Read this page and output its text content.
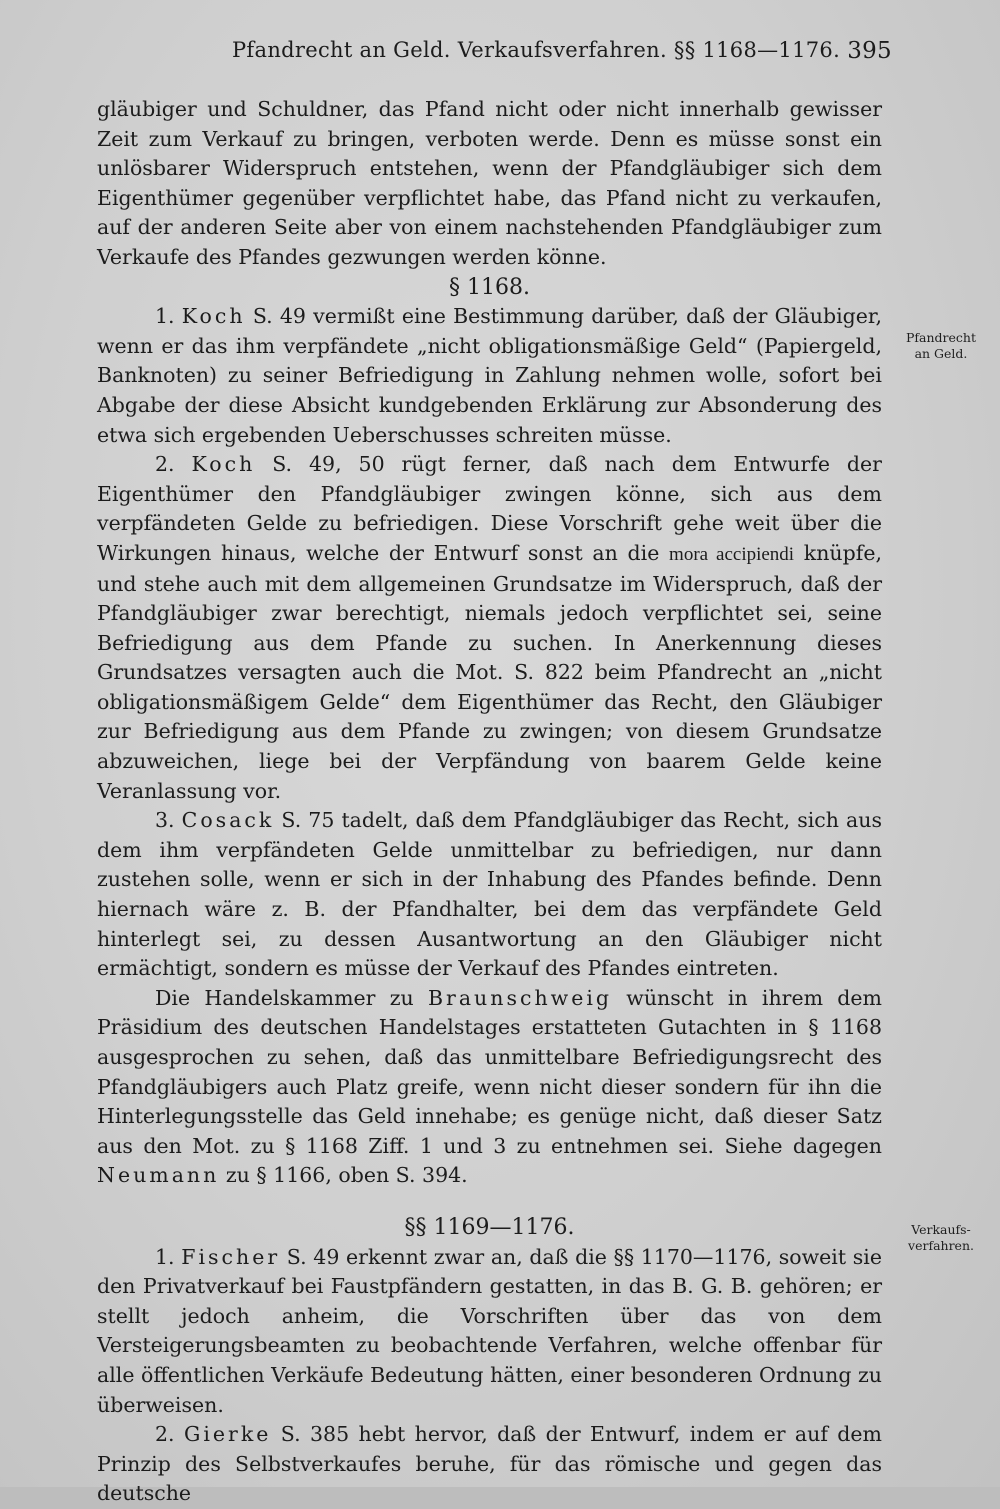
Pfandrecht an Geld. Verkaufsverfahren. §§ 1168—1176. 395
Pfandrecht an Geld.
Verkaufs-verfahren.

gläubiger und Schuldner, das Pfand nicht oder nicht innerhalb gewisser Zeit zum Verkauf zu bringen, verboten werde. Denn es müsse sonst ein unlösbarer Widerspruch entstehen, wenn der Pfandgläubiger sich dem Eigenthümer gegenüber verpflichtet habe, das Pfand nicht zu verkaufen, auf der anderen Seite aber von einem nachstehenden Pfandgläubiger zum Verkaufe des Pfandes gezwungen werden könne.

§ 1168.

1. Koch S. 49 vermißt eine Bestimmung darüber, daß der Gläubiger, wenn er das ihm verpfändete „nicht obligationsmäßige Geld“ (Papiergeld, Banknoten) zu seiner Befriedigung in Zahlung nehmen wolle, sofort bei Abgabe der diese Absicht kundgebenden Erklärung zur Absonderung des etwa sich ergebenden Ueberschusses schreiten müsse.

2. Koch S. 49, 50 rügt ferner, daß nach dem Entwurfe der Eigenthümer den Pfandgläubiger zwingen könne, sich aus dem verpfändeten Gelde zu befriedigen. Diese Vorschrift gehe weit über die Wirkungen hinaus, welche der Entwurf sonst an die mora accipiendi knüpfe, und stehe auch mit dem allgemeinen Grundsatze im Widerspruch, daß der Pfandgläubiger zwar berechtigt, niemals jedoch verpflichtet sei, seine Befriedigung aus dem Pfande zu suchen. In Anerkennung dieses Grundsatzes versagten auch die Mot. S. 822 beim Pfandrecht an „nicht obligationsmäßigem Gelde“ dem Eigenthümer das Recht, den Gläubiger zur Befriedigung aus dem Pfande zu zwingen; von diesem Grundsatze abzuweichen, liege bei der Verpfändung von baarem Gelde keine Veranlassung vor.

3. Cosack S. 75 tadelt, daß dem Pfandgläubiger das Recht, sich aus dem ihm verpfändeten Gelde unmittelbar zu befriedigen, nur dann zustehen solle, wenn er sich in der Inhabung des Pfandes befinde. Denn hiernach wäre z. B. der Pfandhalter, bei dem das verpfändete Geld hinterlegt sei, zu dessen Ausantwortung an den Gläubiger nicht ermächtigt, sondern es müsse der Verkauf des Pfandes eintreten.

Die Handelskammer zu Braunschweig wünscht in ihrem dem Präsidium des deutschen Handelstages erstatteten Gutachten in § 1168 ausgesprochen zu sehen, daß das unmittelbare Befriedigungsrecht des Pfandgläubigers auch Platz greife, wenn nicht dieser sondern für ihn die Hinterlegungsstelle das Geld innehabe; es genüge nicht, daß dieser Satz aus den Mot. zu § 1168 Ziff. 1 und 3 zu entnehmen sei. Siehe dagegen Neumann zu § 1166, oben S. 394.

§§ 1169—1176.

1. Fischer S. 49 erkennt zwar an, daß die §§ 1170—1176, soweit sie den Privatverkauf bei Faustpfändern gestatten, in das B. G. B. gehören; er stellt jedoch anheim, die Vorschriften über das von dem Versteigerungsbeamten zu beobachtende Verfahren, welche offenbar für alle öffentlichen Verkäufe Bedeutung hätten, einer besonderen Ordnung zu überweisen.

2. Gierke S. 385 hebt hervor, daß der Entwurf, indem er auf dem Prinzip des Selbstverkaufes beruhe, für das römische und gegen das deutsche
